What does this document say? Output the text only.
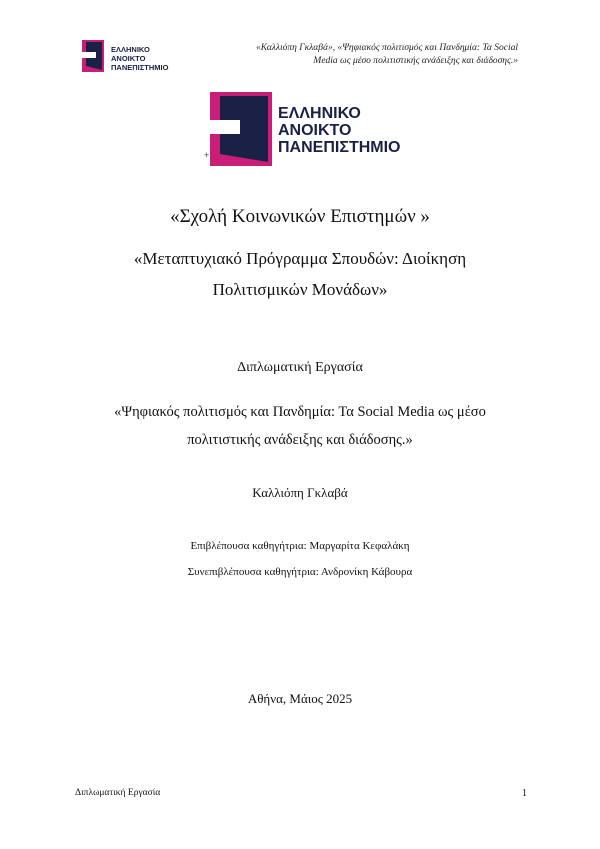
ΕΛΛΗΝΙΚΟ
ΑΝΟΙΚΤΟ
ΠΑΝΕΠΙΣΤΗΜΙΟ
«Καλλιόπη Γκλαβά», «Ψηφιακός πολιτισμός και Πανδημία: Τα Social
Media ως μέσο πολιτιστικής ανάδειξης και διάδοσης.»
ΕΛΛΗΝΙΚΟ
ΑΝΟΙΚΤΟ
ΠΑΝΕΠΙΣΤΗΜΙΟ
+
«Σχολή Κοινωνικών Επιστημών »
«Μεταπτυχιακό Πρόγραμμα Σπουδών: Διοίκηση
Πολιτισμικών Μονάδων»
Διπλωματική Εργασία
«Ψηφιακός πολιτισμός και Πανδημία: Τα Social Media ως μέσο
πολιτιστικής ανάδειξης και διάδοσης.»
Καλλιόπη Γκλαβά
Επιβλέπουσα καθηγήτρια: Μαργαρίτα Κεφαλάκη
Συνεπιβλέπουσα καθηγήτρια: Ανδρονίκη Κάβουρα
Αθήνα, Μάιος 2025
Διπλωματική Εργασία	1
